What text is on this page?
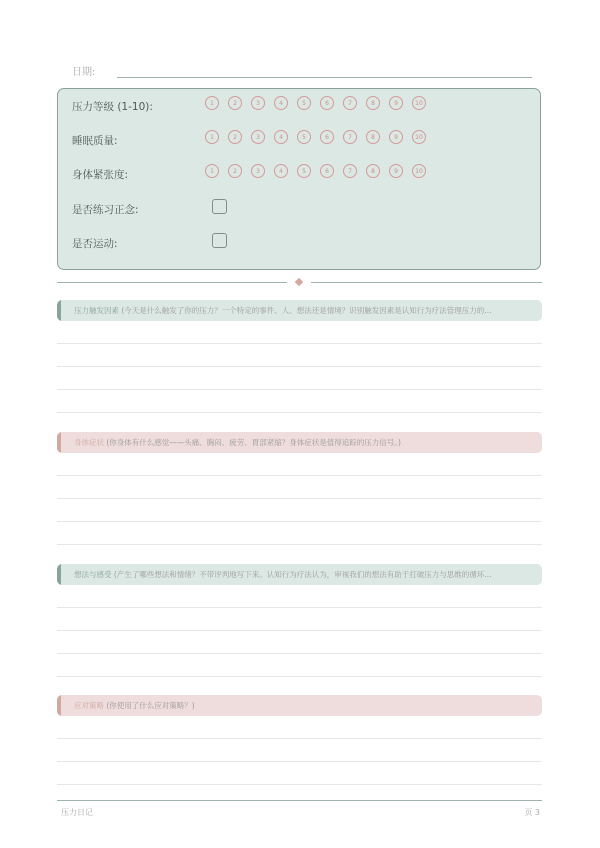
日期:
压力等级 (1-10):	1	2	3	4	5	6	7	8	9	10
睡眠质量:	1	2	3	4	5	6	7	8	9	10
身体紧张度:	1	2	3	4	5	6	7	8	9	10
是否练习正念:
是否运动:
压力触发因素 (今天是什么触发了你的压力？一个特定的事件、人、想法还是情境？识别触发因素是认知行为疗法管理压力的...
身体症状 (你身体有什么感觉——头痛、胸闷、疲劳、胃部紧缩？身体症状是值得追踪的压力信号。)
想法与感受 (产生了哪些想法和情绪？不带评判地写下来。认知行为疗法认为，审视我们的想法有助于打破压力与思维的循环...
应对策略 (你使用了什么应对策略？)
压力日记	页 3
